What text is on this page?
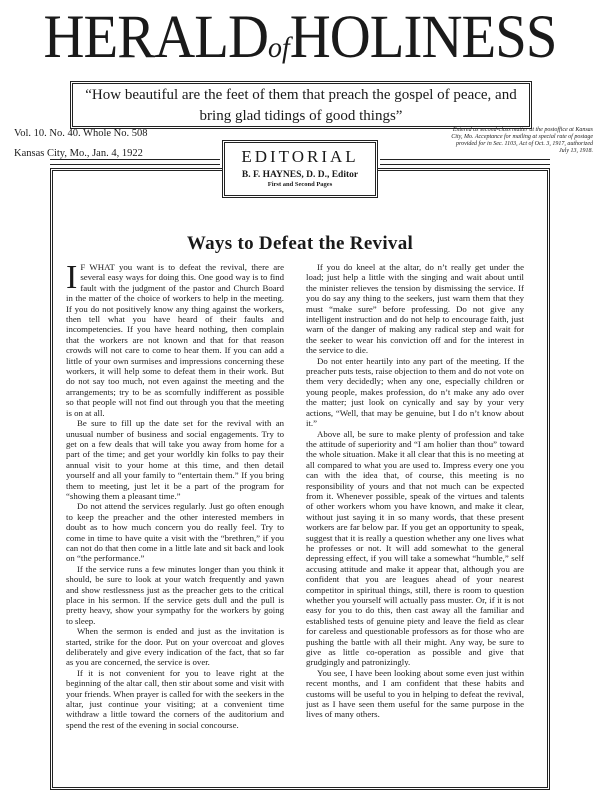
HERALDofHOLINESS
“How beautiful are the feet of them that preach the gospel of peace, and
bring glad tidings of good things”
Vol. 10. No. 40. Whole No. 508
Kansas City, Mo., Jan. 4, 1922
Entered as second-class matter at the postoffice at Kansas City, Mo. Acceptance for mailing at special rate of postage provided for in Sec. 1103, Act of Oct. 3, 1917, authorized July 13, 1918.
EDITORIAL
B. F. HAYNES, D. D., Editor
First and Second Pages
Ways to Defeat the Revival

I F WHAT you want is to defeat the revival, there are several easy ways for doing this. One good way is to find fault with the judgment of the pastor and Church Board in the matter of the choice of workers to help in the meeting. If you do not positively know any thing against the workers, then tell what you have heard of their faults and incompetencies. If you have heard nothing, then complain that the workers are not known and that for that reason crowds will not care to come to hear them. If you can add a little of your own surmises and impressions concerning these workers, it will help some to defeat them in their work. But do not say too much, not even against the meeting and the arrangements; try to be as scornfully indifferent as possible so that people will not find out through you that the meeting is on at all.

Be sure to fill up the date set for the revival with an unusual number of business and social engagements. Try to get on a few deals that will take you away from home for a part of the time; and get your worldly kin folks to pay their annual visit to your home at this time, and then detail yourself and all your family to “entertain them.” If you bring them to meeting, just let it be a part of the program for “showing them a pleasant time.”

Do not attend the services regularly. Just go often enough to keep the preacher and the other interested members in doubt as to how much concern you do really feel. Try to come in time to have quite a visit with the “brethren,” if you can not do that then come in a little late and sit back and look on “the performance.”

If the service runs a few minutes longer than you think it should, be sure to look at your watch frequently and yawn and show restlessness just as the preacher gets to the critical place in his sermon. If the service gets dull and the pull is pretty heavy, show your sympathy for the workers by going to sleep.

When the sermon is ended and just as the invitation is started, strike for the door. Put on your overcoat and gloves deliberately and give every indication of the fact, that so far as you are concerned, the service is over.

If it is not convenient for you to leave right at the beginning of the altar call, then stir about some and visit with your friends. When prayer is called for with the seekers in the altar, just continue your visiting; at a convenient time withdraw a little toward the corners of the auditorium and spend the rest of the evening in social concourse.

If you do kneel at the altar, do n’t really get under the load; just help a little with the singing and wait about until the minister relieves the tension by dismissing the service. If you do say any thing to the seekers, just warn them that they must “make sure” before professing. Do not give any intelligent instruction and do not help to encourage faith, just warn of the danger of making any radical step and wait for the seeker to wear his conviction off and for the interest in the service to die.

Do not enter heartily into any part of the meeting. If the preacher puts tests, raise objection to them and do not vote on them very decidedly; when any one, especially children or young people, makes profession, do n’t make any ado over the matter; just look on cynically and say by your very actions, “Well, that may be genuine, but I do n’t know about it.”

Above all, be sure to make plenty of profession and take the attitude of superiority and “I am holier than thou” toward the whole situation. Make it all clear that this is no meeting at all compared to what you are used to. Impress every one you can with the idea that, of course, this meeting is no responsibility of yours and that not much can be expected from it. Whenever possible, speak of the virtues and talents of other workers whom you have known, and make it clear, without just saying it in so many words, that these present workers are far below par. If you get an opportunity to speak, suggest that it is really a question whether any one lives what he professes or not. It will add somewhat to the general depressing effect, if you will take a somewhat “humble,” self accusing attitude and make it appear that, although you are confident that you are leagues ahead of your nearest competitor in spiritual things, still, there is room to question whether you yourself will actually pass muster. Or, if it is not easy for you to do this, then cast away all the familiar and established tests of genuine piety and leave the field as clear for careless and questionable professors as for those who are pushing the battle with all their might. Any way, be sure to give as little co-operation as possible and give that grudgingly and patronizingly.

You see, I have been looking about some even just within recent months, and I am confident that these habits and customs will be useful to you in helping to defeat the revival, just as I have seen them useful for the same purpose in the lives of many others.
